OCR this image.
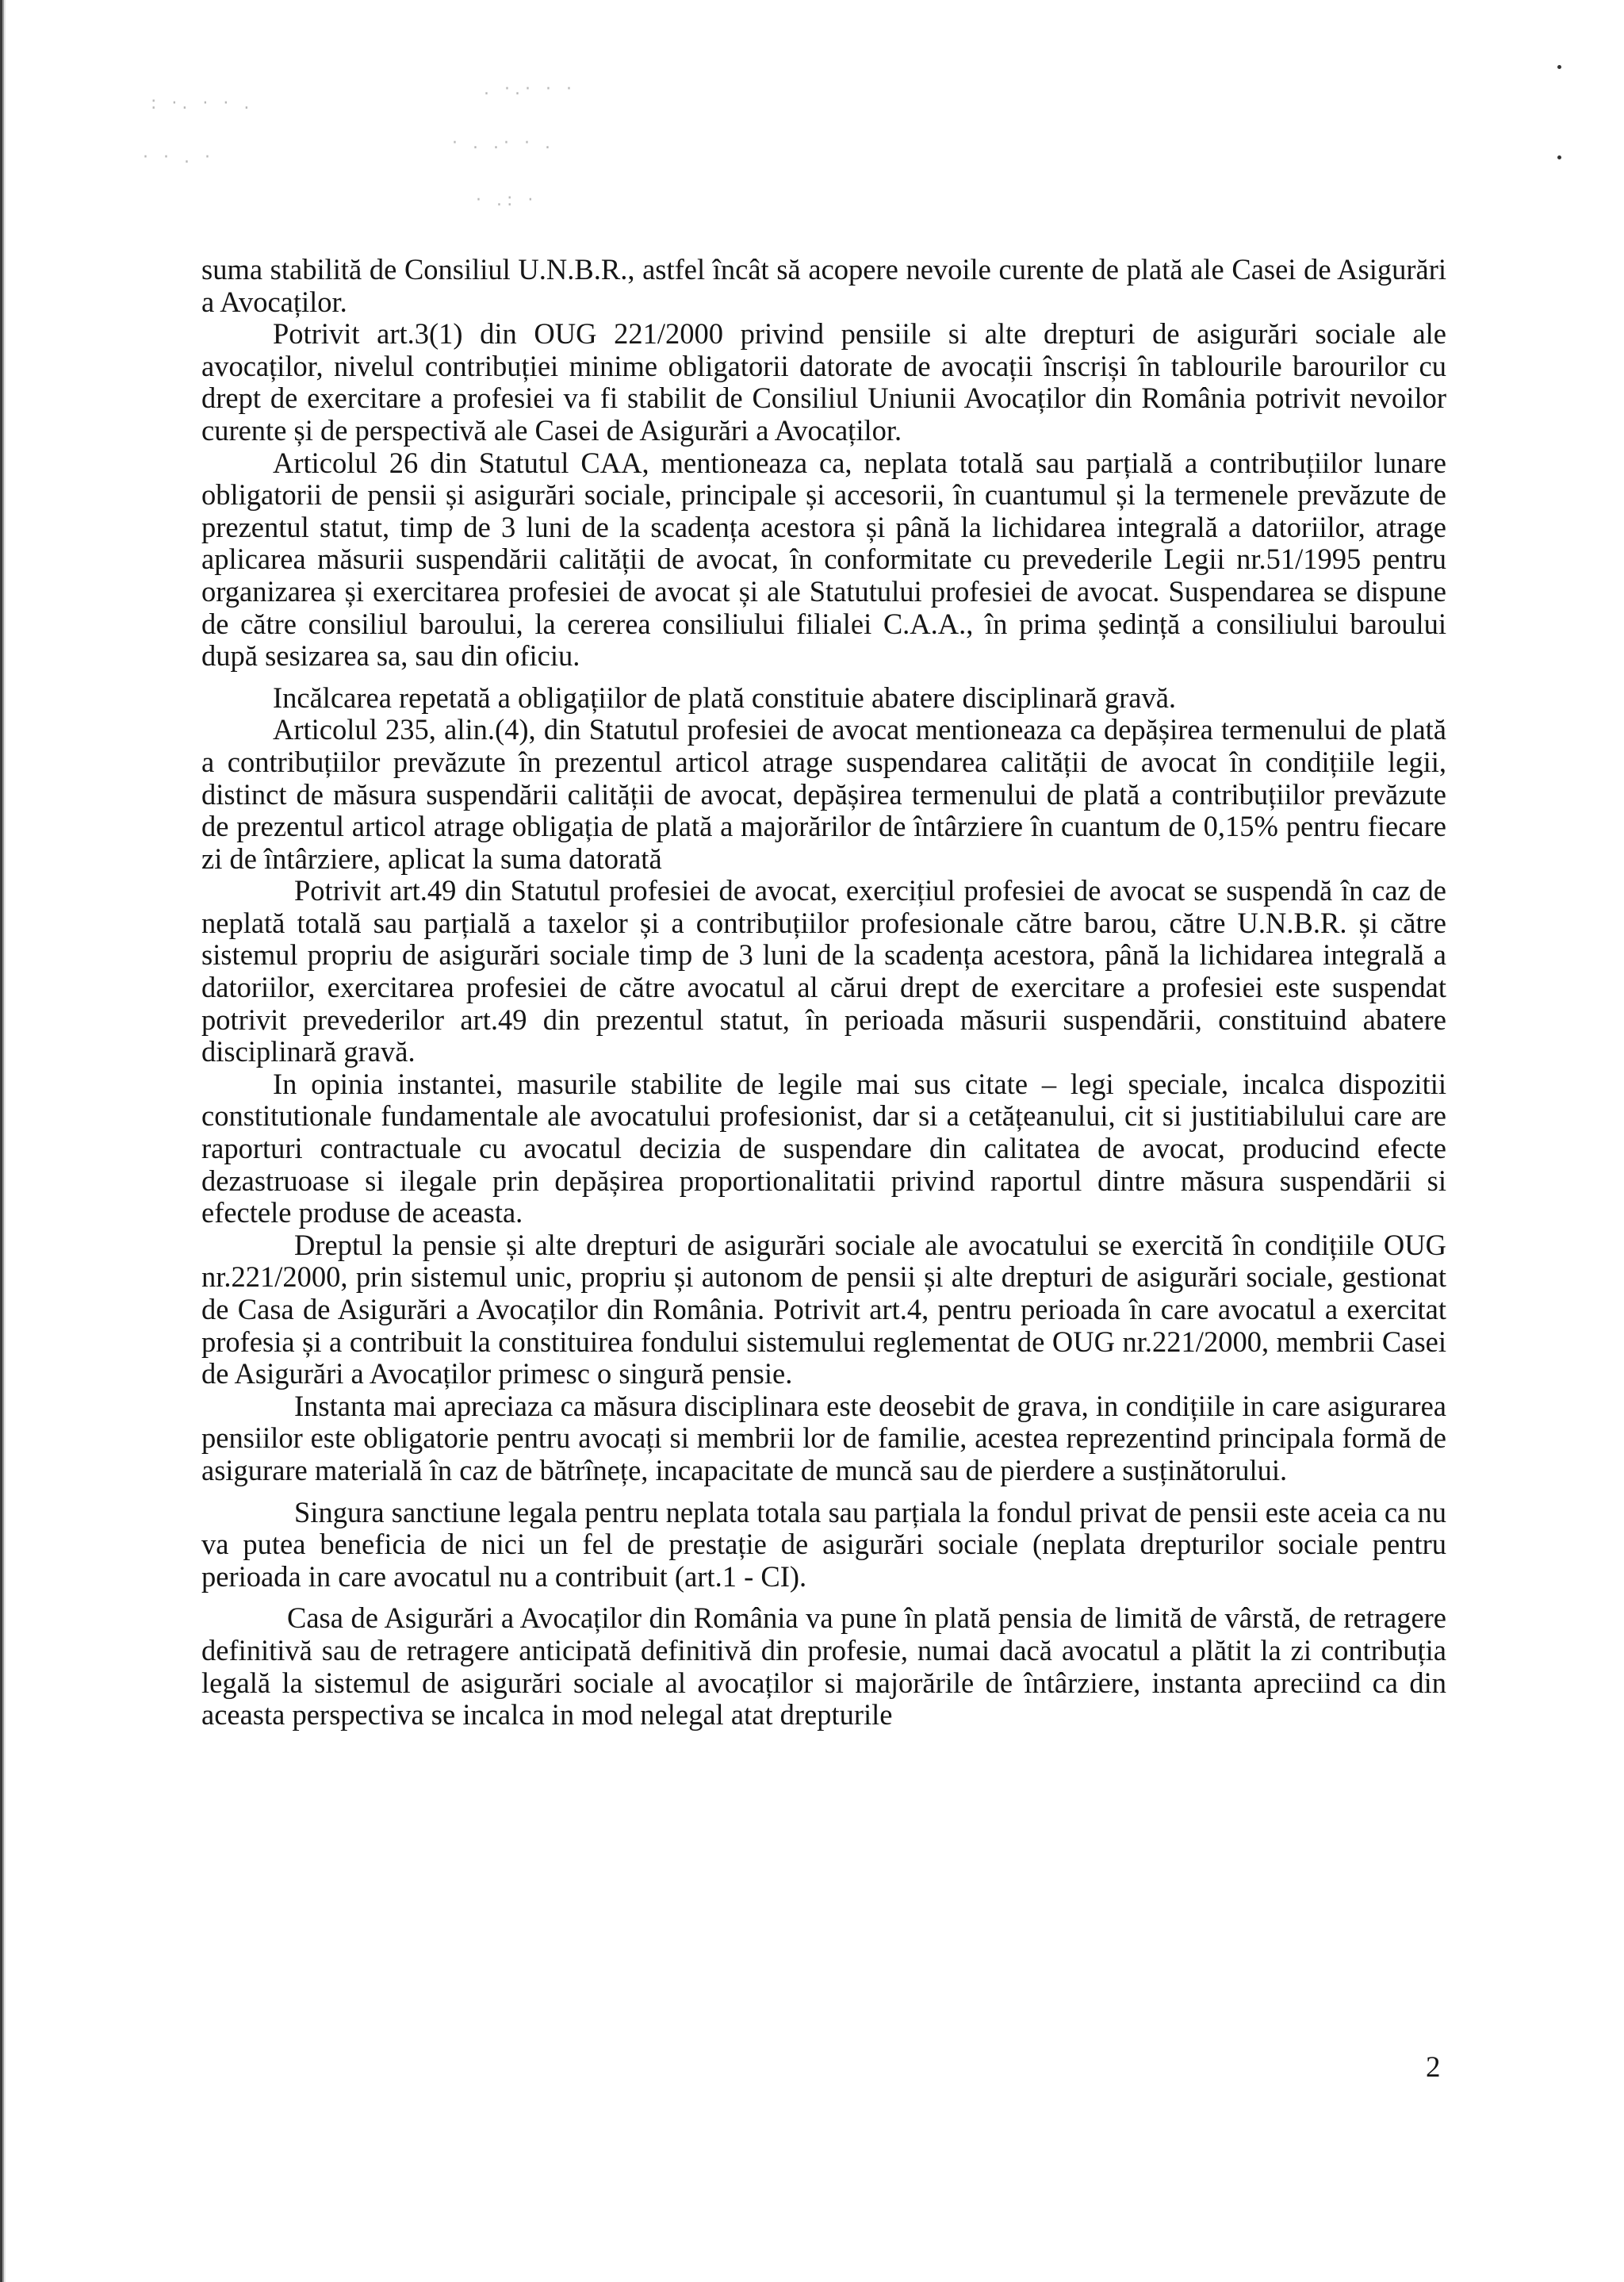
: ·. · · .
. ·.· · ·
· · . ·
· . .· · .
· .: ·

suma stabilită de Consiliul U.N.B.R., astfel încât să acopere nevoile curente de plată ale Casei de Asigurări a Avocaților.

Potrivit art.3(1) din OUG 221/2000 privind pensiile si alte drepturi de asigurări sociale ale avocaților, nivelul contribuției minime obligatorii datorate de avocații înscriși în tablourile barourilor cu drept de exercitare a profesiei va fi stabilit de Consiliul Uniunii Avocaților din România potrivit nevoilor curente și de perspectivă ale Casei de Asigurări a Avocaților.

Articolul 26 din Statutul CAA, mentioneaza ca, neplata totală sau parțială a contribuțiilor lunare obligatorii de pensii și asigurări sociale, principale și accesorii, în cuantumul și la termenele prevăzute de prezentul statut, timp de 3 luni de la scadența acestora și până la lichidarea integrală a datoriilor, atrage aplicarea măsurii suspendării calității de avocat, în conformitate cu prevederile Legii nr.51/1995 pentru organizarea și exercitarea profesiei de avocat și ale Statutului profesiei de avocat. Suspendarea se dispune de către consiliul baroului, la cererea consiliului filialei C.A.A., în prima ședință a consiliului baroului după sesizarea sa, sau din oficiu.

Incălcarea repetată a obligațiilor de plată constituie abatere disciplinară gravă.

Articolul 235, alin.(4), din Statutul profesiei de avocat mentioneaza ca depășirea termenului de plată a contribuțiilor prevăzute în prezentul articol atrage suspendarea calității de avocat în condițiile legii, distinct de măsura suspendării calității de avocat, depășirea termenului de plată a contribuțiilor prevăzute de prezentul articol atrage obligația de plată a majorărilor de întârziere în cuantum de 0,15% pentru fiecare zi de întârziere, aplicat la suma datorată

Potrivit art.49 din Statutul profesiei de avocat, exercițiul profesiei de avocat se suspendă în caz de neplată totală sau parțială a taxelor și a contribuțiilor profesionale către barou, către U.N.B.R. și către sistemul propriu de asigurări sociale timp de 3 luni de la scadența acestora, până la lichidarea integrală a datoriilor, exercitarea profesiei de către avocatul al cărui drept de exercitare a profesiei este suspendat potrivit prevederilor art.49 din prezentul statut, în perioada măsurii suspendării, constituind abatere disciplinară gravă.

In opinia instantei, masurile stabilite de legile mai sus citate – legi speciale, incalca dispozitii constitutionale fundamentale ale avocatului profesionist, dar si a cetățeanului, cit si justitiabilului care are raporturi contractuale cu avocatul decizia de suspendare din calitatea de avocat, producind efecte dezastruoase si ilegale prin depășirea proportionalitatii privind raportul dintre măsura suspendării si efectele produse de aceasta.

Dreptul la pensie și alte drepturi de asigurări sociale ale avocatului se exercită în condițiile OUG nr.221/2000, prin sistemul unic, propriu și autonom de pensii și alte drepturi de asigurări sociale, gestionat de Casa de Asigurări a Avocaților din România. Potrivit art.4, pentru perioada în care avocatul a exercitat profesia și a contribuit la constituirea fondului sistemului reglementat de OUG nr.221/2000, membrii Casei de Asigurări a Avocaților primesc o singură pensie.

Instanta mai apreciaza ca măsura disciplinara este deosebit de grava, in condițiile in care asigurarea pensiilor este obligatorie pentru avocați si membrii lor de familie, acestea reprezentind principala formă de asigurare materială în caz de bătrînețe, incapacitate de muncă sau de pierdere a susținătorului.

Singura sanctiune legala pentru neplata totala sau parțiala la fondul privat de pensii este aceia ca nu va putea beneficia de nici un fel de prestație de asigurări sociale (neplata drepturilor sociale pentru perioada in care avocatul nu a contribuit (art.1 - CI).

Casa de Asigurări a Avocaților din România va pune în plată pensia de limită de vârstă, de retragere definitivă sau de retragere anticipată definitivă din profesie, numai dacă avocatul a plătit la zi contribuția legală la sistemul de asigurări sociale al avocaților si majorările de întârziere, instanta apreciind ca din aceasta perspectiva se incalca in mod nelegal atat drepturile

2
